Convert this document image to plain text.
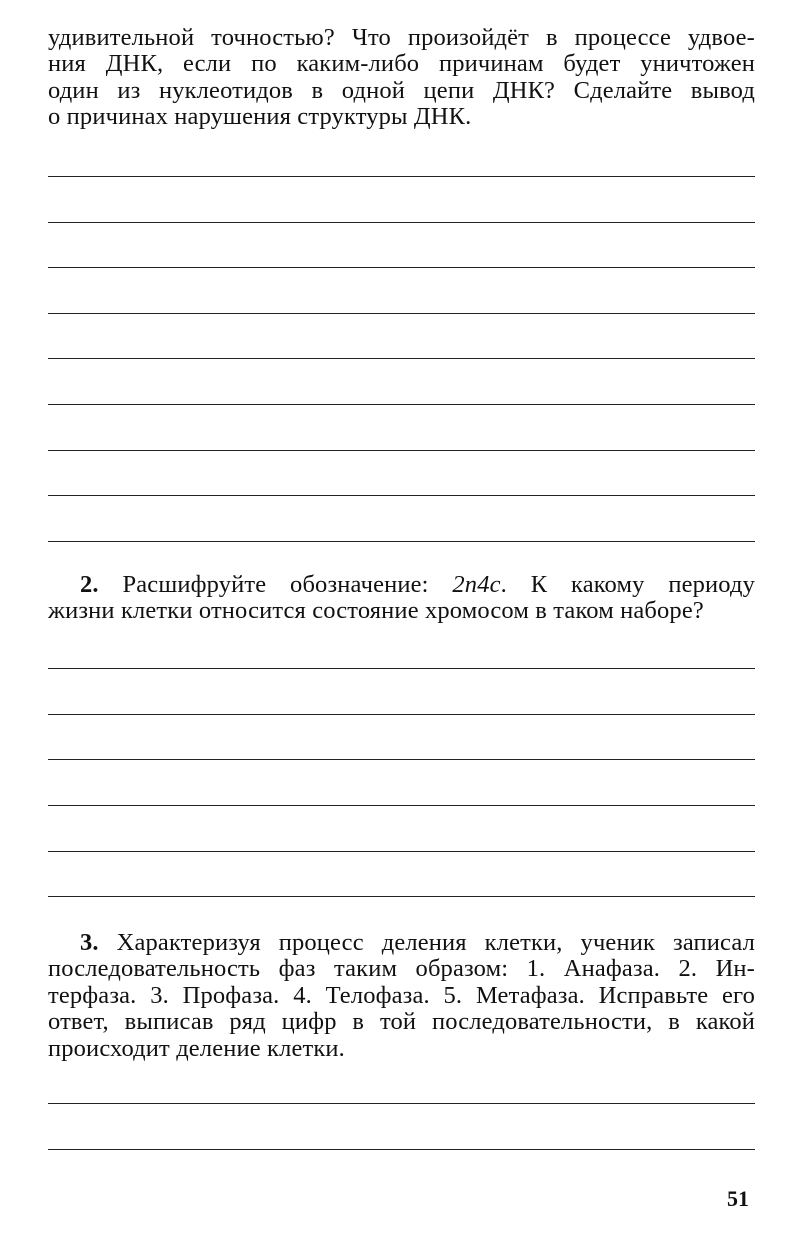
удивительной точностью? Что произойдёт в процессе удвое-
ния ДНК, если по каким-либо причинам будет уничтожен
один из нуклеотидов в одной цепи ДНК? Сделайте вывод
о причинах нарушения структуры ДНК.
2. Расшифруйте обозначение: 2n4c. К какому периоду
жизни клетки относится состояние хромосом в таком наборе?
3. Характеризуя процесс деления клетки, ученик записал
последовательность фаз таким образом: 1. Анафаза. 2. Ин-
терфаза. 3. Профаза. 4. Телофаза. 5. Метафаза. Исправьте его
ответ, выписав ряд цифр в той последовательности, в какой
происходит деление клетки.
51
